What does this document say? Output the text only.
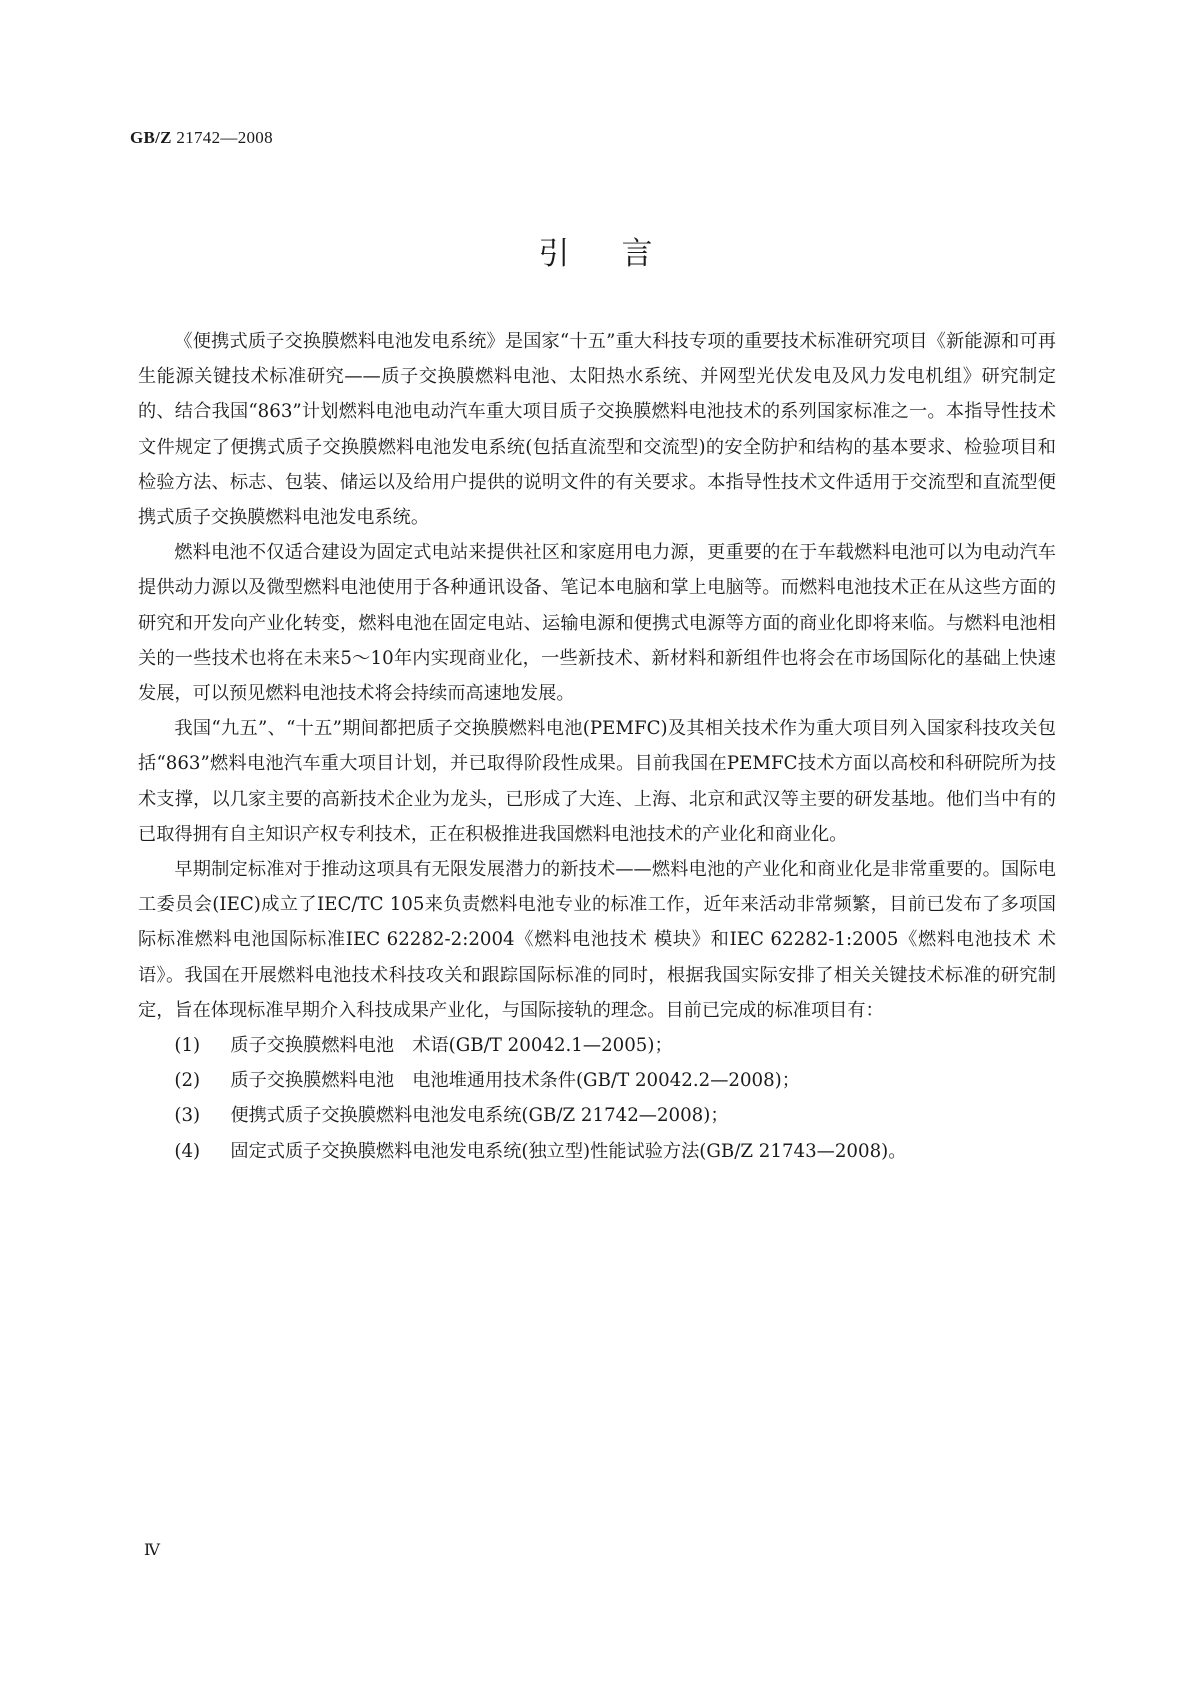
GB/Z 21742—2008
引言

《便携式质子交换膜燃料电池发电系统》是国家“十五”重大科技专项的重要技术标准研究项目《新能源和可再生能源关键技术标准研究——质子交换膜燃料电池、太阳热水系统、并网型光伏发电及风力发电机组》研究制定的、结合我国“863”计划燃料电池电动汽车重大项目质子交换膜燃料电池技术的系列国家标准之一。本指导性技术文件规定了便携式质子交换膜燃料电池发电系统(包括直流型和交流型)的安全防护和结构的基本要求、检验项目和检验方法、标志、包装、储运以及给用户提供的说明文件的有关要求。本指导性技术文件适用于交流型和直流型便携式质子交换膜燃料电池发电系统。

燃料电池不仅适合建设为固定式电站来提供社区和家庭用电力源，更重要的在于车载燃料电池可以为电动汽车提供动力源以及微型燃料电池使用于各种通讯设备、笔记本电脑和掌上电脑等。而燃料电池技术正在从这些方面的研究和开发向产业化转变，燃料电池在固定电站、运输电源和便携式电源等方面的商业化即将来临。与燃料电池相关的一些技术也将在未来5～10年内实现商业化，一些新技术、新材料和新组件也将会在市场国际化的基础上快速发展，可以预见燃料电池技术将会持续而高速地发展。

我国“九五”、“十五”期间都把质子交换膜燃料电池(PEMFC)及其相关技术作为重大项目列入国家科技攻关包括“863”燃料电池汽车重大项目计划，并已取得阶段性成果。目前我国在PEMFC技术方面以高校和科研院所为技术支撑，以几家主要的高新技术企业为龙头，已形成了大连、上海、北京和武汉等主要的研发基地。他们当中有的已取得拥有自主知识产权专利技术，正在积极推进我国燃料电池技术的产业化和商业化。

早期制定标准对于推动这项具有无限发展潜力的新技术——燃料电池的产业化和商业化是非常重要的。国际电工委员会(IEC)成立了IEC/TC 105来负责燃料电池专业的标准工作，近年来活动非常频繁，目前已发布了多项国际标准燃料电池国际标准IEC 62282-2:2004《燃料电池技术 模块》和IEC 62282-1:2005《燃料电池技术 术语》。我国在开展燃料电池技术科技攻关和跟踪国际标准的同时，根据我国实际安排了相关关键技术标准的研究制定，旨在体现标准早期介入科技成果产业化，与国际接轨的理念。目前已完成的标准项目有：

(1) 质子交换膜燃料电池　术语(GB/T 20042.1—2005)；
(2) 质子交换膜燃料电池　电池堆通用技术条件(GB/T 20042.2—2008)；
(3) 便携式质子交换膜燃料电池发电系统(GB/Z 21742—2008)；
(4) 固定式质子交换膜燃料电池发电系统(独立型)性能试验方法(GB/Z 21743—2008)。
Ⅳ
